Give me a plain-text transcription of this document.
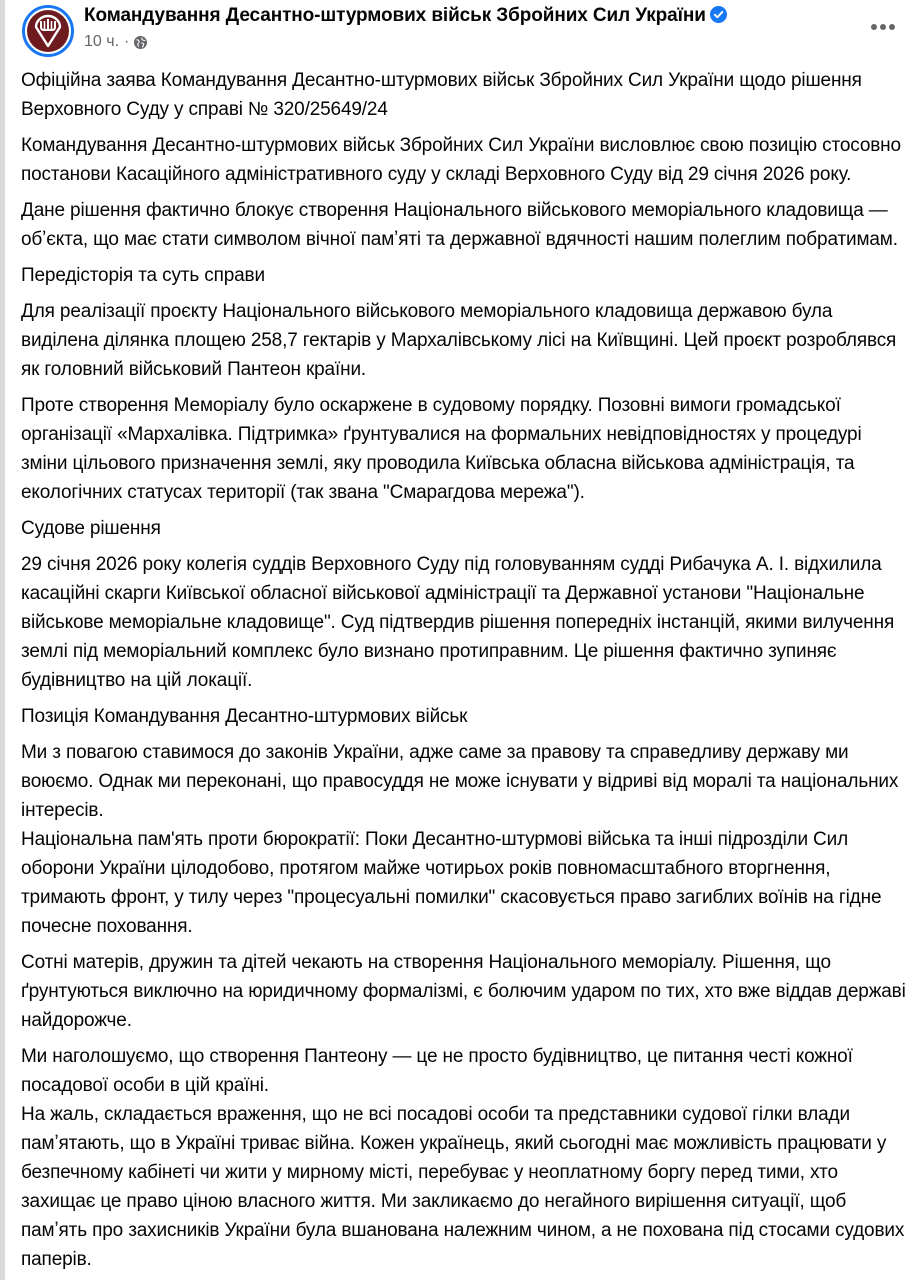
Командування Десантно-штурмових військ Збройних Сил України
10 ч. ·

Офіційна заява Командування Десантно-штурмових військ Збройних Сил України щодо рішення Верховного Суду у справі № 320/25649/24

Командування Десантно-штурмових військ Збройних Сил України висловлює свою позицію стосовно постанови Касаційного адміністративного суду у складі Верховного Суду від 29 січня 2026 року.

Дане рішення фактично блокує створення Національного військового меморіального кладовища — обʼєкта, що має стати символом вічної памʼяті та державної вдячності нашим полеглим побратимам.

Передісторія та суть справи

Для реалізації проєкту Національного військового меморіального кладовища державою була виділена ділянка площею 258,7 гектарів у Мархалівському лісі на Київщині. Цей проєкт розроблявся як головний військовий Пантеон країни.

Проте створення Меморіалу було оскаржене в судовому порядку. Позовні вимоги громадської організації «Мархалівка. Підтримка» ґрунтувалися на формальних невідповідностях у процедурі зміни цільового призначення землі, яку проводила Київська обласна військова адміністрація, та екологічних статусах території (так звана "Смарагдова мережа").

Судове рішення

29 січня 2026 року колегія суддів Верховного Суду під головуванням судді Рибачука А. І. відхилила касаційні скарги Київської обласної військової адміністрації та Державної установи "Національне військове меморіальне кладовище". Суд підтвердив рішення попередніх інстанцій, якими вилучення землі під меморіальний комплекс було визнано протиправним. Це рішення фактично зупиняє будівництво на цій локації.

Позиція Командування Десантно-штурмових військ

Ми з повагою ставимося до законів України, адже саме за правову та справедливу державу ми воюємо. Однак ми переконані, що правосуддя не може існувати у відриві від моралі та національних інтересів.

Національна пам'ять проти бюрократії: Поки Десантно-штурмові війська та інші підрозділи Сил оборони України цілодобово, протягом майже чотирьох років повномасштабного вторгнення, тримають фронт, у тилу через "процесуальні помилки" скасовується право загиблих воїнів на гідне почесне поховання.

Сотні матерів, дружин та дітей чекають на створення Національного меморіалу. Рішення, що ґрунтуються виключно на юридичному формалізмі, є болючим ударом по тих, хто вже віддав державі найдорожче.

Ми наголошуємо, що створення Пантеону — це не просто будівництво, це питання честі кожної посадової особи в цій країні.

На жаль, складається враження, що не всі посадові особи та представники судової гілки влади памʼятають, що в Україні триває війна. Кожен українець, який сьогодні має можливість працювати у безпечному кабінеті чи жити у мирному місті, перебуває у неоплатному боргу перед тими, хто захищає це право ціною власного життя. Ми закликаємо до негайного вирішення ситуації, щоб памʼять про захисників України була вшанована належним чином, а не похована під стосами судових паперів.
